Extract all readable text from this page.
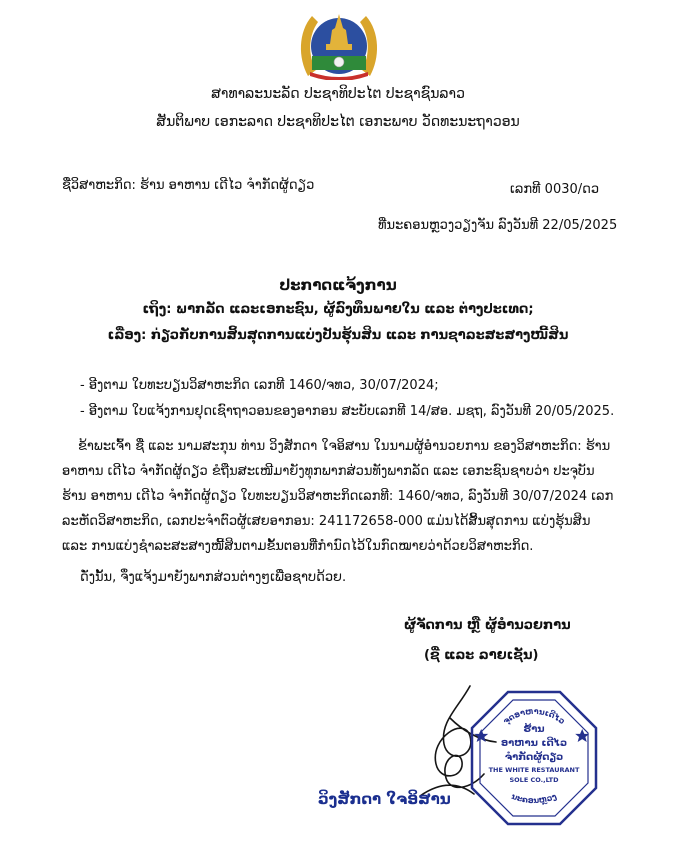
ສາທາລະນະລັດ ປະຊາທິປະໄຕ ປະຊາຊົນລາວ
ສັນຕິພາບ ເອກະລາດ ປະຊາທິປະໄຕ ເອກະພາບ ວັດທະນະຖາວອນ
ຊື່ວິສາຫະກິດ: ຮ້ານ ອາຫານ ເດີໄວ ຈຳກັດຜູ້ດຽວ	ເລກທີ 0030/ດວ
ທີ່ນະຄອນຫຼວງວຽງຈັນ ລົງວັນທີ 22/05/2025
ປະກາດແຈ້ງການ
ເຖິງ: ພາກລັດ ແລະເອກະຊົນ, ຜູ້ລົງທຶນພາຍໃນ ແລະ ຕ່າງປະເທດ;
ເລື່ອງ: ກ່ຽວກັບການສິ້ນສຸດການແບ່ງປັນຮຸ້ນສິນ ແລະ ການຊາລະສະສາງໜີ້ສິນ
- ອີງຕາມ ໃບທະບຽນວິສາຫະກິດ ເລກທີ 1460/ຈທວ, 30/07/2024;
- ອີງຕາມ ໃບແຈ້ງການຢຸດເຊົາຖາວອນຂອງອາກອນ ສະບັບເລກທີ 14/ສອ. ມຊຖ, ລົງວັນທີ 20/05/2025.
ຂ້າພະເຈົ້າ ຊື່ ແລະ ນາມສະກຸນ ທ່ານ ວິງສັກດາ ໃຈອິສານ ໃນນາມຜູ້ອຳນວຍການ ຂອງວິສາຫະກິດ: ຮ້ານ ອາຫານ ເດີໄວ ຈຳກັດຜູ້ດຽວ ຂໍຖືນສະເໜີມາຍັງທຸກພາກສ່ວນທັງພາກລັດ ແລະ ເອກະຊົນຊາບວ່າ ປະຈຸບັນ ຮ້ານ ອາຫານ ເດີໄວ ຈຳກັດຜູ້ດຽວ ໃບທະບຽນວິສາຫະກິດເລກທີ: 1460/ຈທວ, ລົງວັນທີ 30/07/2024 ເລກລະຫັດວິສາຫະກິດ, ເລກປະຈຳຕົວຜູ້ເສຍອາກອນ: 241172658-000 ແມ່ນໄດ້ສິ້ນສຸດການ ແບ່ງຮຸ້ນສິນ ແລະ ການແບ່ງຊຳລະສະສາງໜີ້ສິນຕາມຂັ້ນຕອນທີ່ກຳນົດໄວ້ໃນກົດໝາຍວ່າດ້ວຍວິສາຫະກິດ.
ດັ່ງນັ້ນ, ຈຶ່ງແຈ້ງມາຍັງພາກສ່ວນຕ່າງໆເພື່ອຊາບດ້ວຍ.
ຜູ້ຈັດການ ຫຼື ຜູ້ອຳນວຍການ
(ຊື່ ແລະ ລາຍເຊັນ)
ຈຸດອາຫານເດີໄວ
ຮ້ານ
ອາຫານ ເດີໄວ
ຈຳກັດຜູ້ດຽວ
THE WHITE RESTAURANT
SOLE CO.,LTD
ນະຄອນຫຼວງ
ວິງສັກດາ ໃຈອິສານ
